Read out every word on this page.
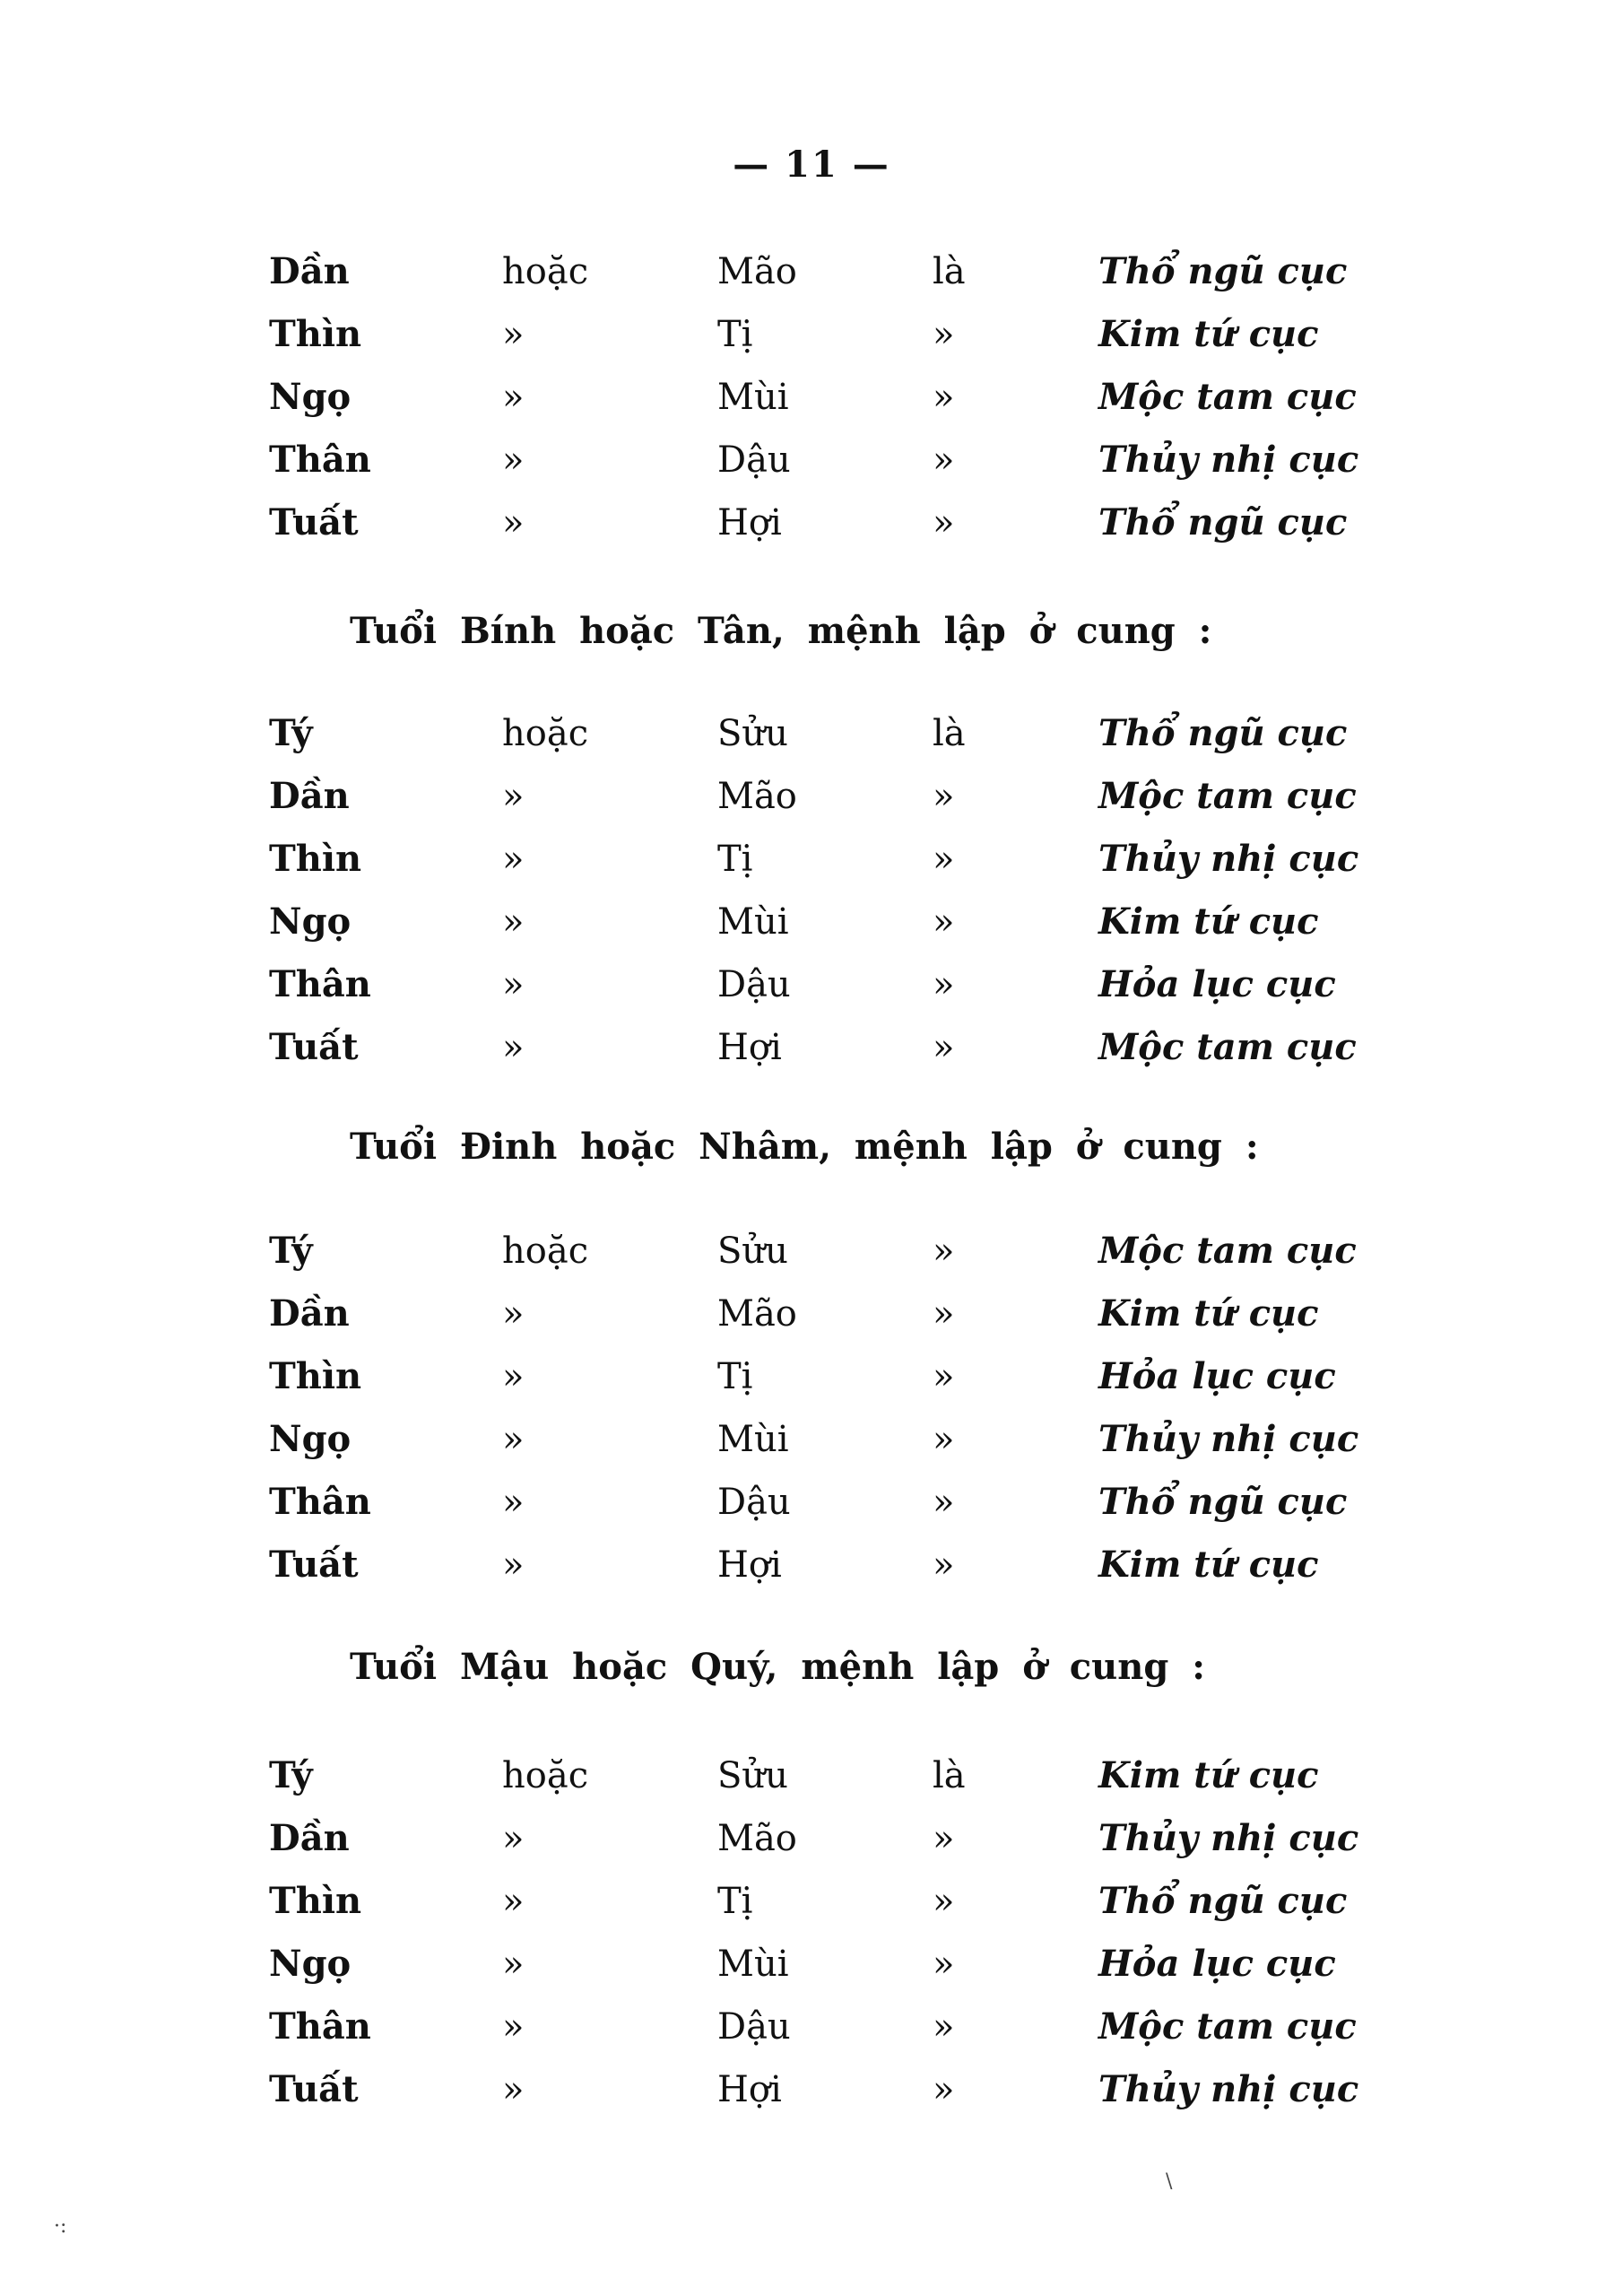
— 11 —
Dần	hoặc	Mão	là	Thổ ngũ cục
Thìn	»	Tị	»	Kim tứ cục
Ngọ	»	Mùi	»	Mộc tam cục
Thân	»	Dậu	»	Thủy nhị cục
Tuất	»	Hợi	»	Thổ ngũ cục
Tuổi Bính hoặc Tân, mệnh lập ở cung :
Tý	hoặc	Sửu	là	Thổ ngũ cục
Dần	»	Mão	»	Mộc tam cục
Thìn	»	Tị	»	Thủy nhị cục
Ngọ	»	Mùi	»	Kim tứ cục
Thân	»	Dậu	»	Hỏa lục cục
Tuất	»	Hợi	»	Mộc tam cục
Tuổi Đinh hoặc Nhâm, mệnh lập ở cung :
Tý	hoặc	Sửu	»	Mộc tam cục
Dần	»	Mão	»	Kim tứ cục
Thìn	»	Tị	»	Hỏa lục cục
Ngọ	»	Mùi	»	Thủy nhị cục
Thân	»	Dậu	»	Thổ ngũ cục
Tuất	»	Hợi	»	Kim tứ cục
Tuổi Mậu hoặc Quý, mệnh lập ở cung :
Tý	hoặc	Sửu	là	Kim tứ cục
Dần	»	Mão	»	Thủy nhị cục
Thìn	»	Tị	»	Thổ ngũ cục
Ngọ	»	Mùi	»	Hỏa lục cục
Thân	»	Dậu	»	Mộc tam cục
Tuất	»	Hợi	»	Thủy nhị cục
\
·:
